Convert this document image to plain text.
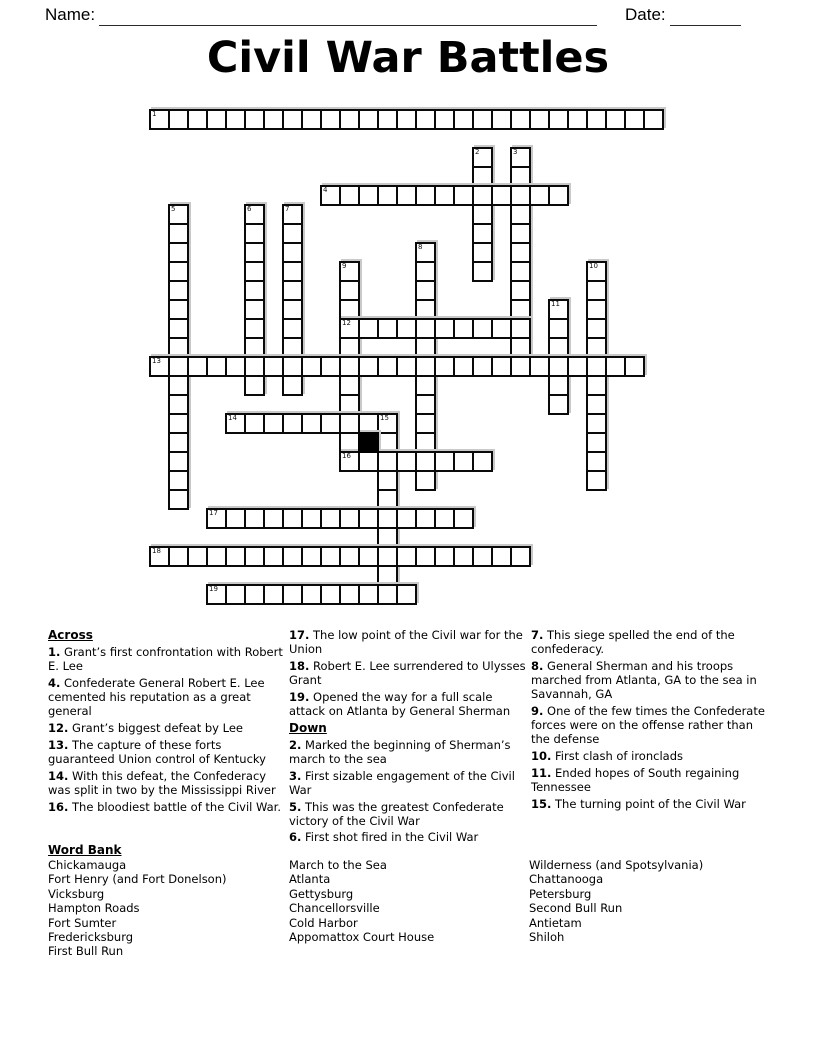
Name:	Date:
Civil War Battles
1
2	3
4
5	6	7
8
9	10
11
12
13
14	15
16
17
18
19
Across

1. Grant’s first confrontation with Robert E. Lee

4. Confederate General Robert E. Lee cemented his reputation as a great general

12. Grant’s biggest defeat by Lee

13. The capture of these forts guaranteed Union control of Kentucky

14. With this defeat, the Confederacy was split in two by the Mississippi River

16. The bloodiest battle of the Civil War.

17. The low point of the Civil war for the Union

18. Robert E. Lee surrendered to Ulysses Grant

19. Opened the way for a full scale attack on Atlanta by General Sherman

Down

2. Marked the beginning of Sherman’s march to the sea

3. First sizable engagement of the Civil War

5. This was the greatest Confederate victory of the Civil War

6. First shot fired in the Civil War

7. This siege spelled the end of the confederacy.

8. General Sherman and his troops marched from Atlanta, GA to the sea in Savannah, GA

9. One of the few times the Confederate forces were on the offense rather than the defense

10. First clash of ironclads

11. Ended hopes of South regaining Tennessee

15. The turning point of the Civil War

Word Bank
Chickamauga
Fort Henry (and Fort Donelson)
Vicksburg
Hampton Roads
Fort Sumter
Fredericksburg
First Bull Run
March to the Sea
Atlanta
Gettysburg
Chancellorsville
Cold Harbor
Appomattox Court House
Wilderness (and Spotsylvania)
Chattanooga
Petersburg
Second Bull Run
Antietam
Shiloh
